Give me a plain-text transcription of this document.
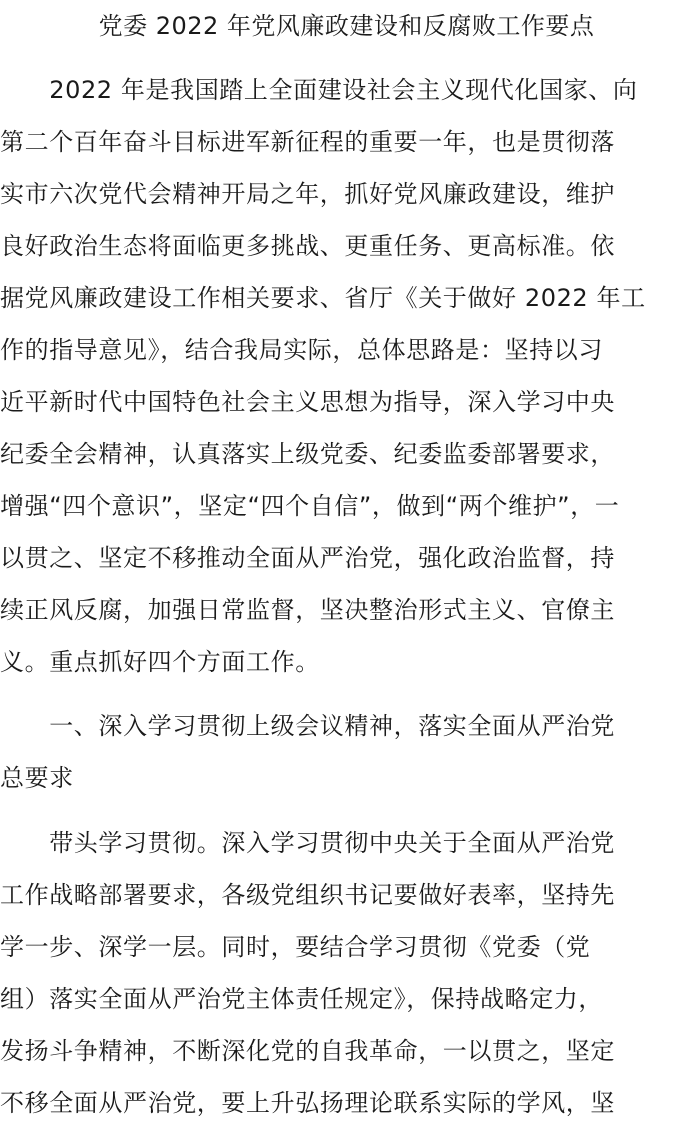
党委 2022 年党风廉政建设和反腐败工作要点
　　2022 年是我国踏上全面建设社会主义现代化国家、向
第二个百年奋斗目标进军新征程的重要一年，也是贯彻落
实市六次党代会精神开局之年，抓好党风廉政建设，维护
良好政治生态将面临更多挑战、更重任务、更高标准。依
据党风廉政建设工作相关要求、省厅《关于做好 2022 年工
作的指导意见》，结合我局实际，总体思路是：坚持以习
近平新时代中国特色社会主义思想为指导，深入学习中央
纪委全会精神，认真落实上级党委、纪委监委部署要求，
增强“四个意识”，坚定“四个自信”，做到“两个维护”，一
以贯之、坚定不移推动全面从严治党，强化政治监督，持
续正风反腐，加强日常监督，坚决整治形式主义、官僚主
义。重点抓好四个方面工作。
　　一、深入学习贯彻上级会议精神，落实全面从严治党
总要求
　　带头学习贯彻。深入学习贯彻中央关于全面从严治党
工作战略部署要求，各级党组织书记要做好表率，坚持先
学一步、深学一层。同时，要结合学习贯彻《党委（党
组）落实全面从严治党主体责任规定》，保持战略定力，
发扬斗争精神，不断深化党的自我革命，一以贯之，坚定
不移全面从严治党，要上升弘扬理论联系实际的学风，坚
